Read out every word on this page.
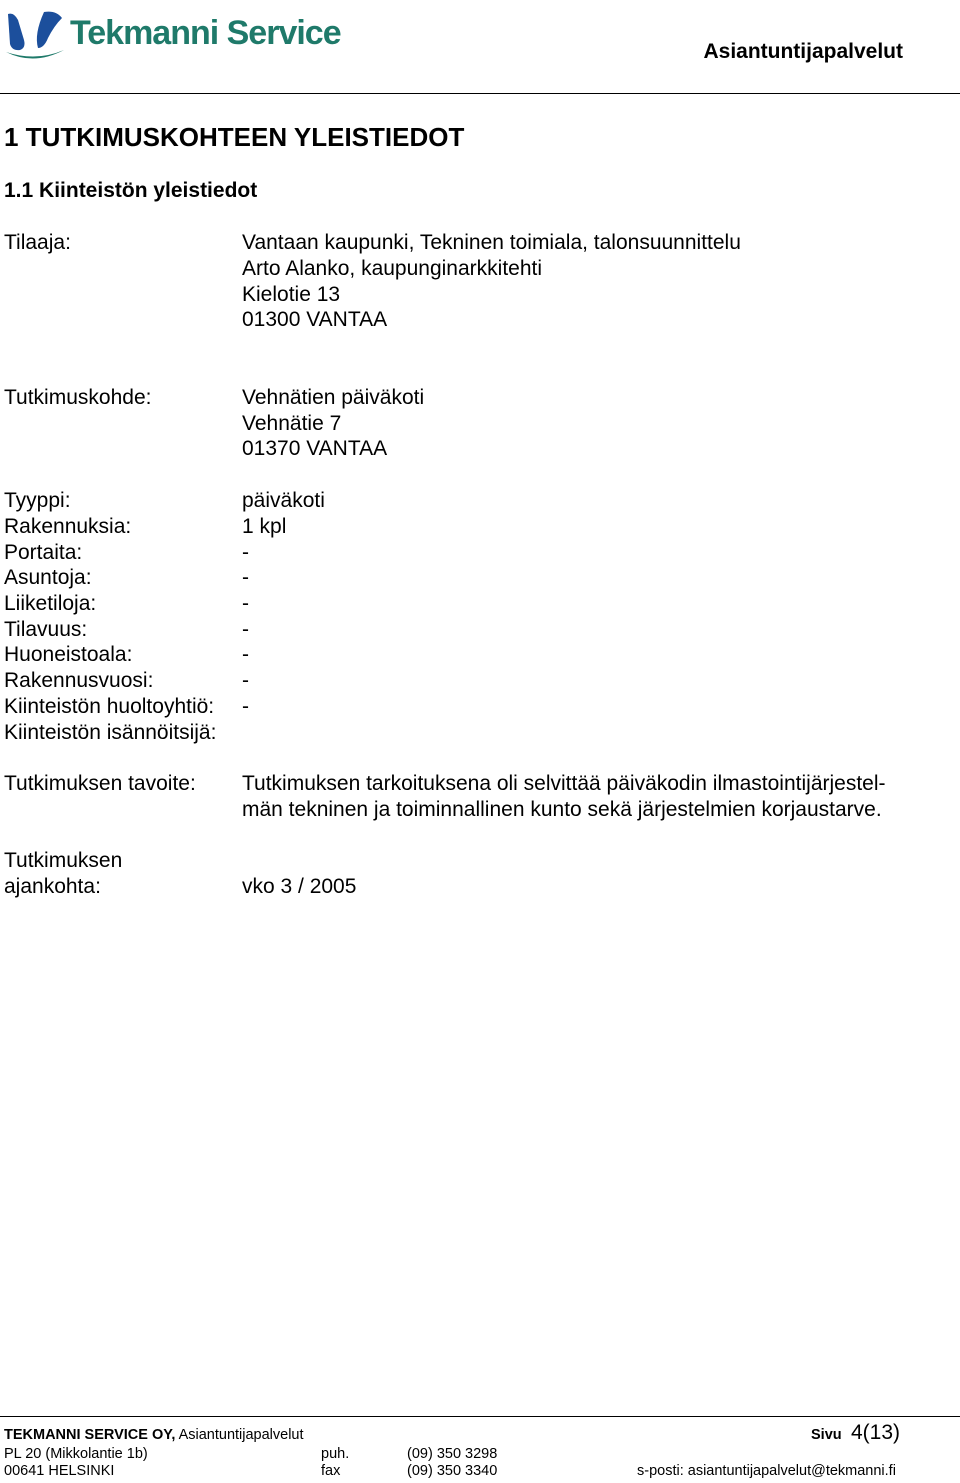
Tekmanni Service	Asiantuntijapalvelut
1 TUTKIMUSKOHTEEN YLEISTIEDOT
1.1 Kiinteistön yleistiedot
Tilaaja:	Vantaan kaupunki, Tekninen toimiala, talonsuunnittelu
Arto Alanko, kaupunginarkkitehti
Kielotie 13
01300 VANTAA
Tutkimuskohde:	Vehnätien päiväkoti
Vehnätie 7
01370 VANTAA
Tyyppi:	päiväkoti
Rakennuksia:	1 kpl
Portaita:	-
Asuntoja:	-
Liiketiloja:	-
Tilavuus:	-
Huoneistoala:	-
Rakennusvuosi:	-
Kiinteistön huoltoyhtiö: -
Kiinteistön isännöitsijä:
Tutkimuksen tavoite: Tutkimuksen tarkoituksena oli selvittää päiväkodin ilmastointijärjestel-
män tekninen ja toiminnallinen kunto sekä järjestelmien korjaustarve.
Tutkimuksen
ajankohta:	vko 3 / 2005
TEKMANNI SERVICE OY, Asiantuntijapalvelut	Sivu 4(13)
PL 20 (Mikkolantie 1b)	puh.	(09) 350 3298
00641 HELSINKI	fax	(09) 350 3340	s-posti: asiantuntijapalvelut@tekmanni.fi
